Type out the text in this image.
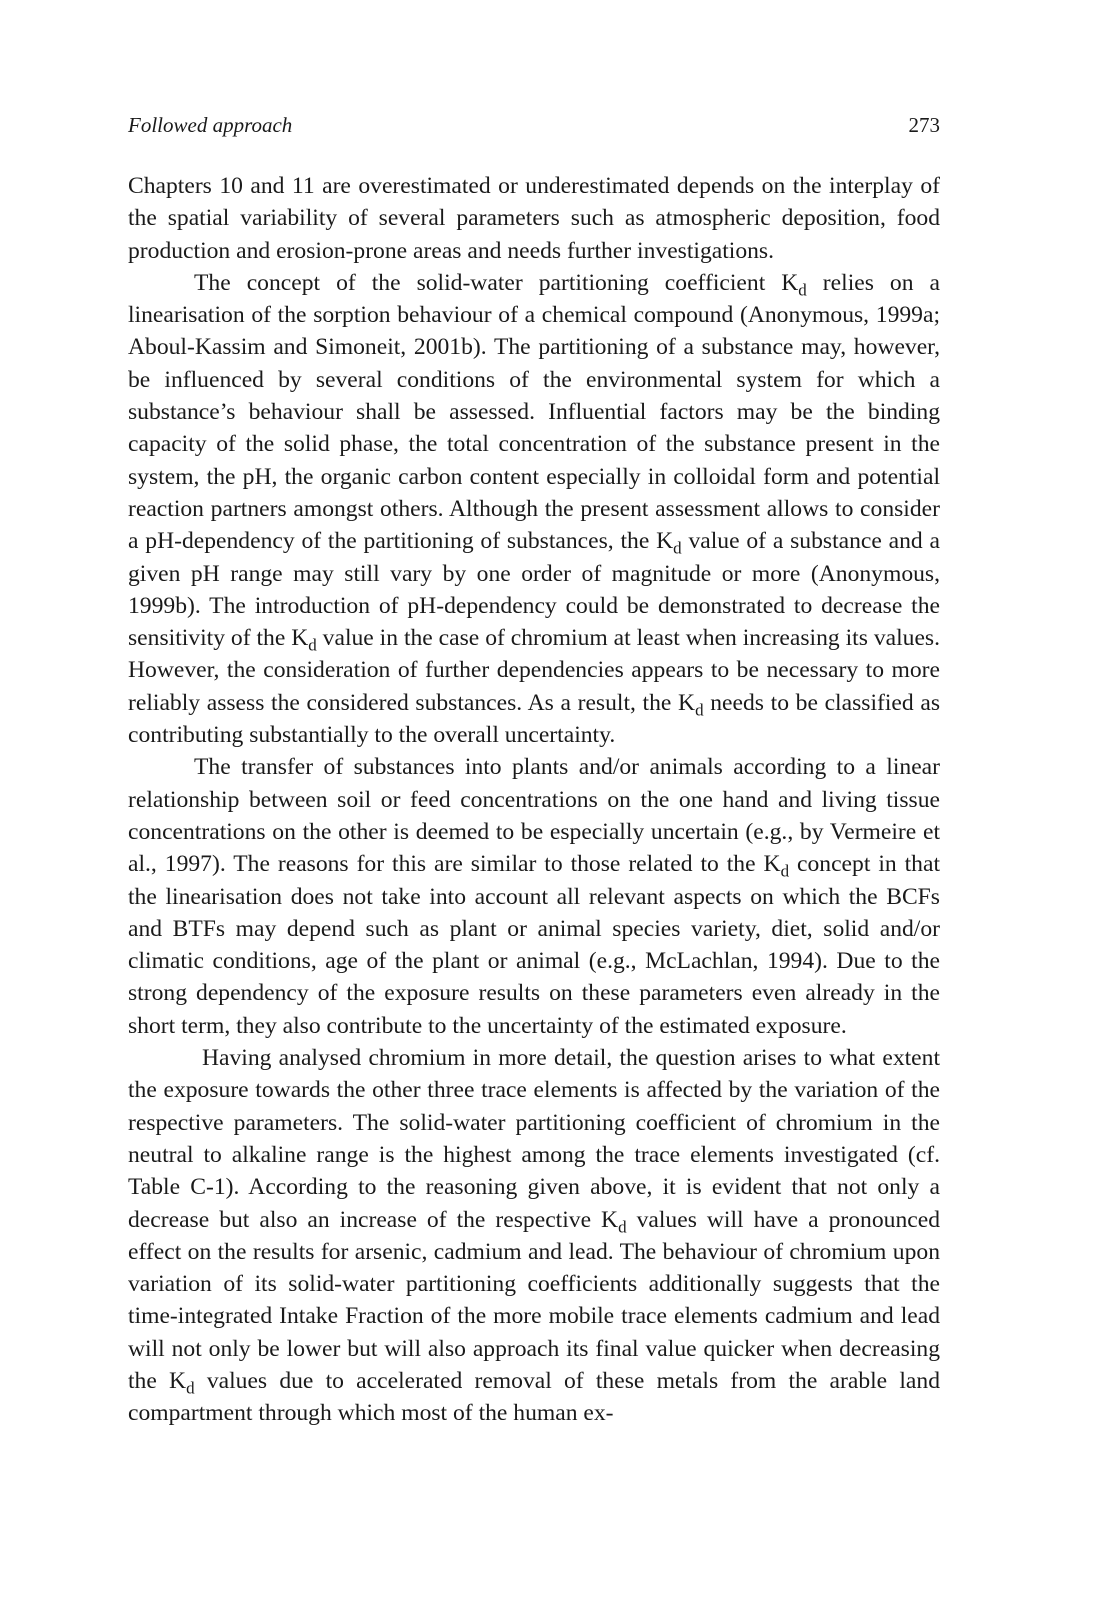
Followed approach	273

Chapters 10 and 11 are overestimated or underestimated depends on the interplay of the spatial variability of several parameters such as atmospheric deposition, food production and erosion-prone areas and needs further investigations.

The concept of the solid-water partitioning coefficient $K_d$ relies on a linearisation of the sorption behaviour of a chemical compound (Anonymous, 1999a; Aboul-Kassim and Simoneit, 2001b). The partitioning of a substance may, however, be influenced by several conditions of the environmental system for which a substance’s behaviour shall be assessed. Influential factors may be the binding capacity of the solid phase, the total concentration of the substance present in the system, the pH, the organic carbon content especially in colloidal form and potential reaction partners amongst others. Although the present assessment allows to consider a pH-dependency of the partitioning of substances, the $K_d$ value of a substance and a given pH range may still vary by one order of magnitude or more (Anonymous, 1999b). The introduction of pH-dependency could be demonstrated to decrease the sensitivity of the $K_d$ value in the case of chromium at least when increasing its values. However, the consideration of further dependencies appears to be necessary to more reliably assess the considered substances. As a result, the $K_d$ needs to be classified as contributing substantially to the overall uncertainty.

The transfer of substances into plants and/or animals according to a linear relationship between soil or feed concentrations on the one hand and living tissue concentrations on the other is deemed to be especially uncertain (e.g., by Vermeire et al., 1997). The reasons for this are similar to those related to the $K_d$ concept in that the linearisation does not take into account all relevant aspects on which the BCFs and BTFs may depend such as plant or animal species variety, diet, solid and/or climatic conditions, age of the plant or animal (e.g., McLachlan, 1994). Due to the strong dependency of the exposure results on these parameters even already in the short term, they also contribute to the uncertainty of the estimated exposure.

Having analysed chromium in more detail, the question arises to what extent the exposure towards the other three trace elements is affected by the variation of the respective parameters. The solid-water partitioning coefficient of chromium in the neutral to alkaline range is the highest among the trace elements investigated (cf. Table C-1). According to the reasoning given above, it is evident that not only a decrease but also an increase of the respective $K_d$ values will have a pronounced effect on the results for arsenic, cadmium and lead. The behaviour of chromium upon variation of its solid-water partitioning coefficients additionally suggests that the time-integrated Intake Fraction of the more mobile trace elements cadmium and lead will not only be lower but will also approach its final value quicker when decreasing the $K_d$ values due to accelerated removal of these metals from the arable land compartment through which most of the human ex-
